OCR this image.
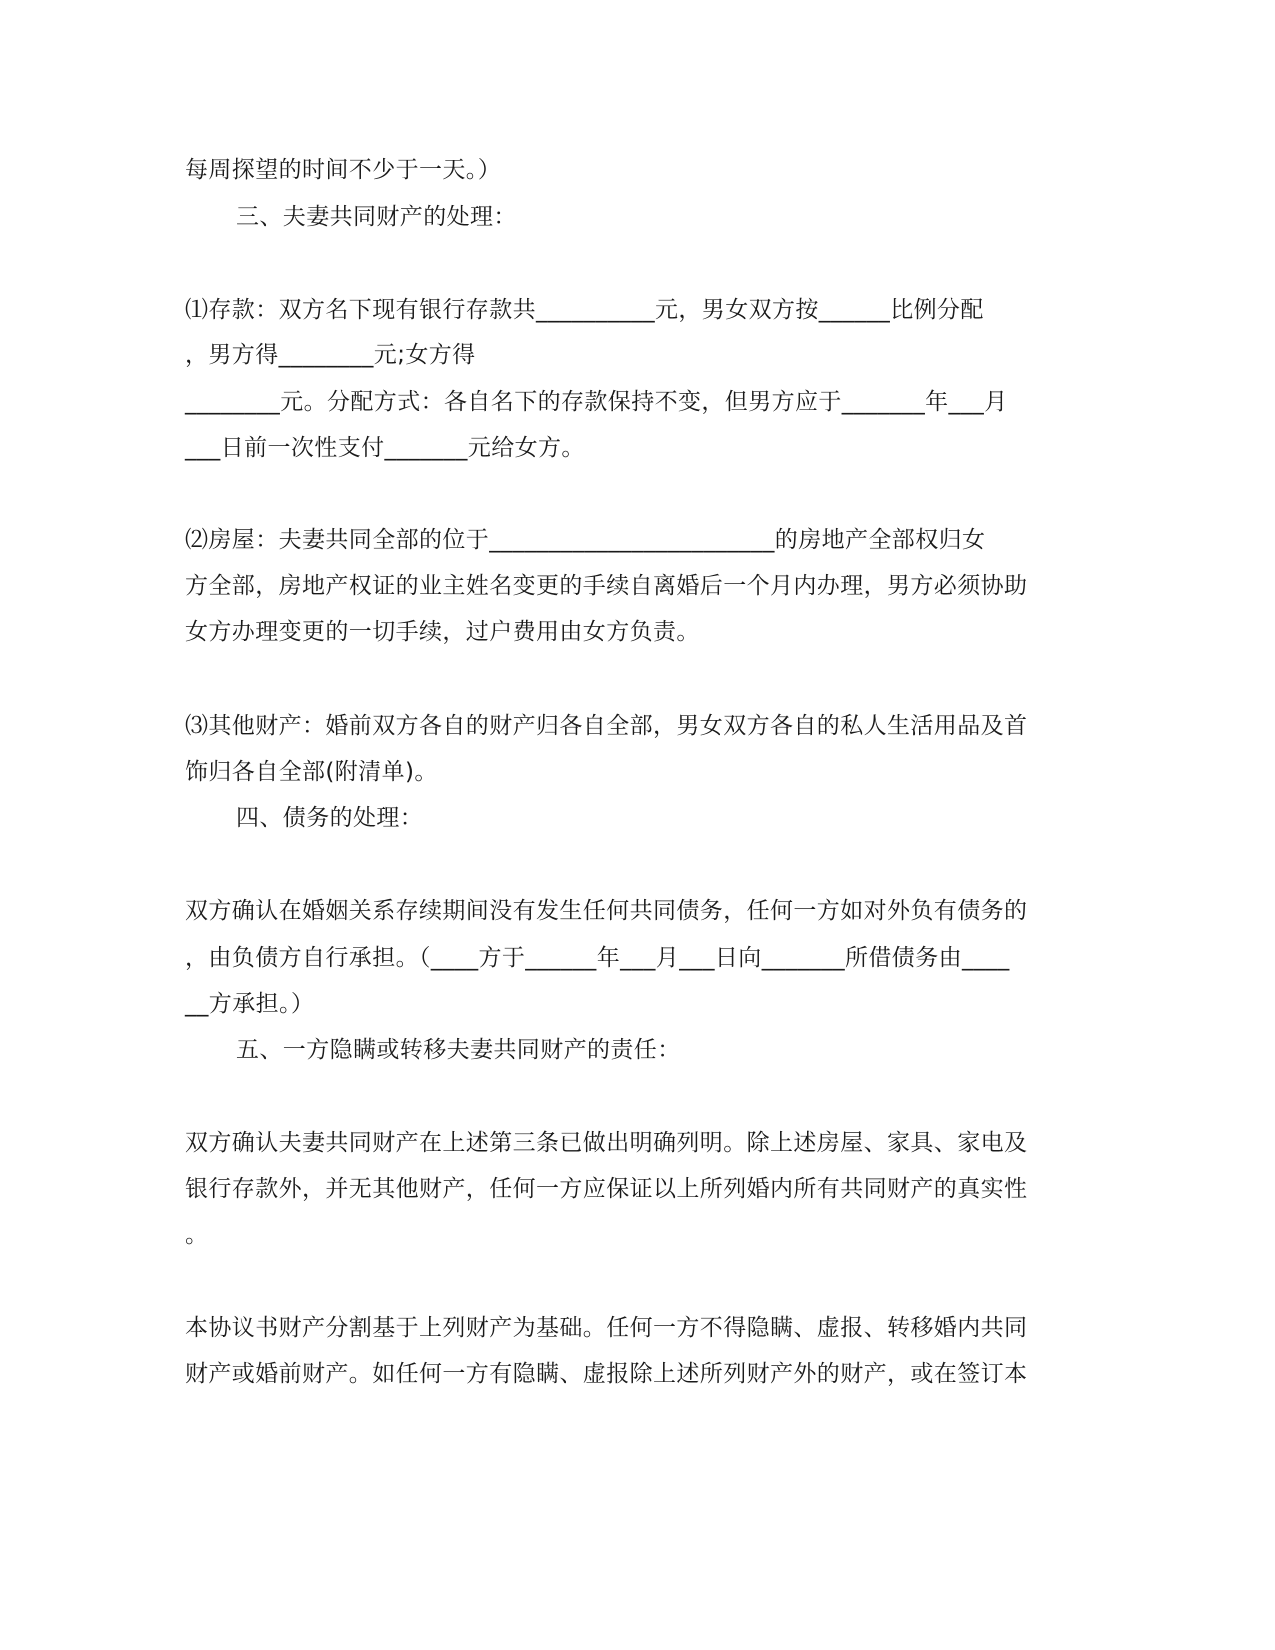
每周探望的时间不少于一天。）
三、夫妻共同财产的处理：
⑴存款：双方名下现有银行存款共__________元，男女双方按______比例分配
，男方得________元;女方得
________元。分配方式：各自名下的存款保持不变，但男方应于_______年___月
___日前一次性支付_______元给女方。
⑵房屋：夫妻共同全部的位于________________________的房地产全部权归女
方全部，房地产权证的业主姓名变更的手续自离婚后一个月内办理，男方必须协助
女方办理变更的一切手续，过户费用由女方负责。
⑶其他财产：婚前双方各自的财产归各自全部，男女双方各自的私人生活用品及首
饰归各自全部(附清单)。
四、债务的处理：
双方确认在婚姻关系存续期间没有发生任何共同债务，任何一方如对外负有债务的
，由负债方自行承担。（____方于______年___月___日向_______所借债务由____
__方承担。）
五、一方隐瞒或转移夫妻共同财产的责任：
双方确认夫妻共同财产在上述第三条已做出明确列明。除上述房屋、家具、家电及
银行存款外，并无其他财产，任何一方应保证以上所列婚内所有共同财产的真实性
。
本协议书财产分割基于上列财产为基础。任何一方不得隐瞒、虚报、转移婚内共同
财产或婚前财产。如任何一方有隐瞒、虚报除上述所列财产外的财产，或在签订本
